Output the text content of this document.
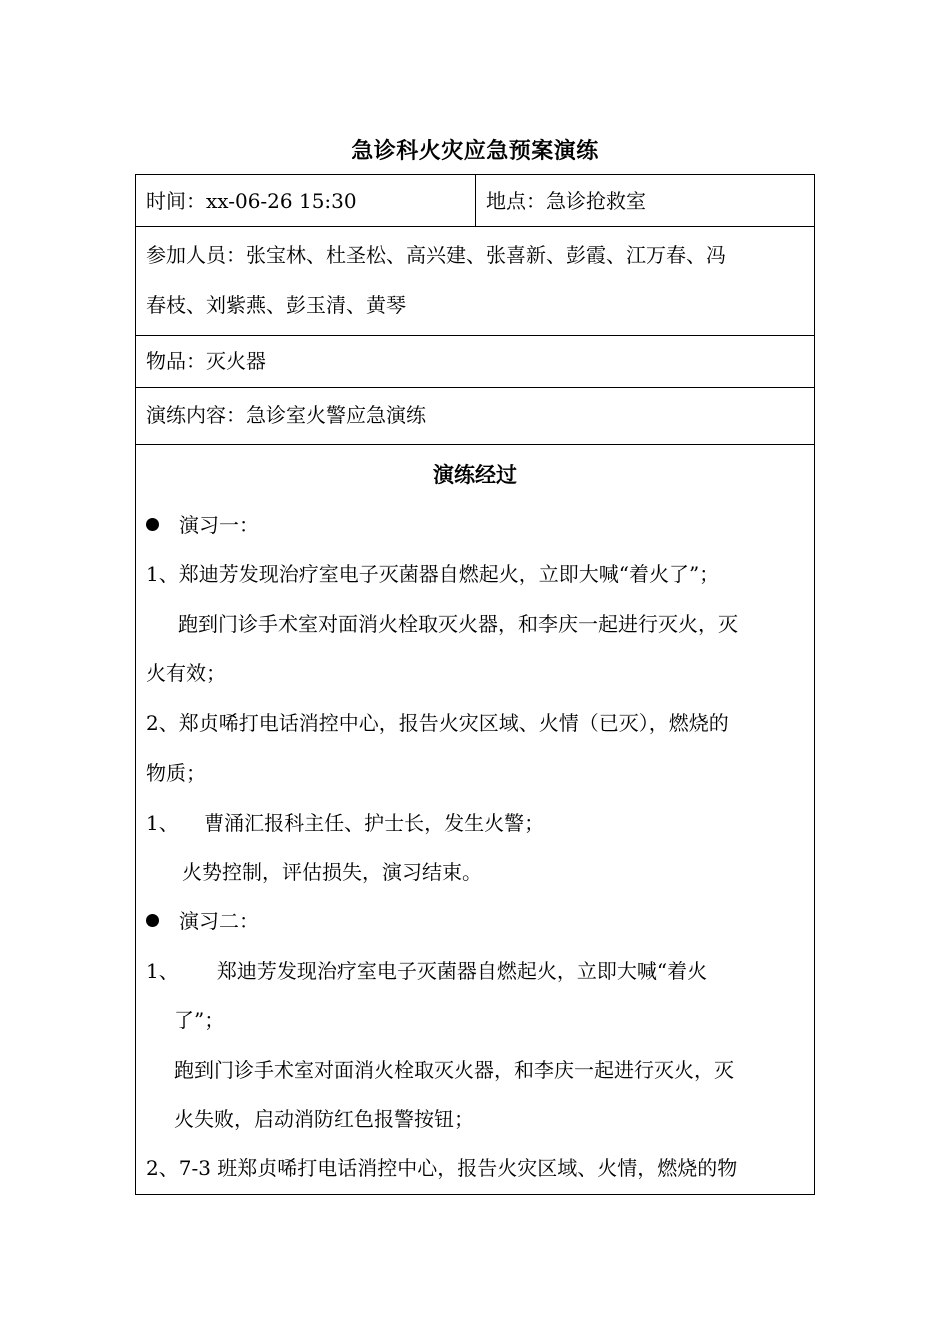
急诊科火灾应急预案演练
时间：xx-06-26 15:30	地点：急诊抢救室
参加人员：张宝林、杜圣松、高兴建、张喜新、彭霞、江万春、冯
春枝、刘紫燕、彭玉清、黄琴
物品：灭火器
演练内容：急诊室火警应急演练
演练经过
演习一：
1、郑迪芳发现治疗室电子灭菌器自燃起火，立即大喊“着火了”；
跑到门诊手术室对面消火栓取灭火器，和李庆一起进行灭火，灭
火有效；
2、郑贞唏打电话消控中心，报告火灾区域、火情（已灭），燃烧的
物质；
1、    曹涌汇报科主任、护士长，发生火警；
火势控制，评估损失，演习结束。
演习二：
1、      郑迪芳发现治疗室电子灭菌器自燃起火，立即大喊“着火
了”；
跑到门诊手术室对面消火栓取灭火器，和李庆一起进行灭火，灭
火失败，启动消防红色报警按钮；
2、7-3 班郑贞唏打电话消控中心，报告火灾区域、火情，燃烧的物
